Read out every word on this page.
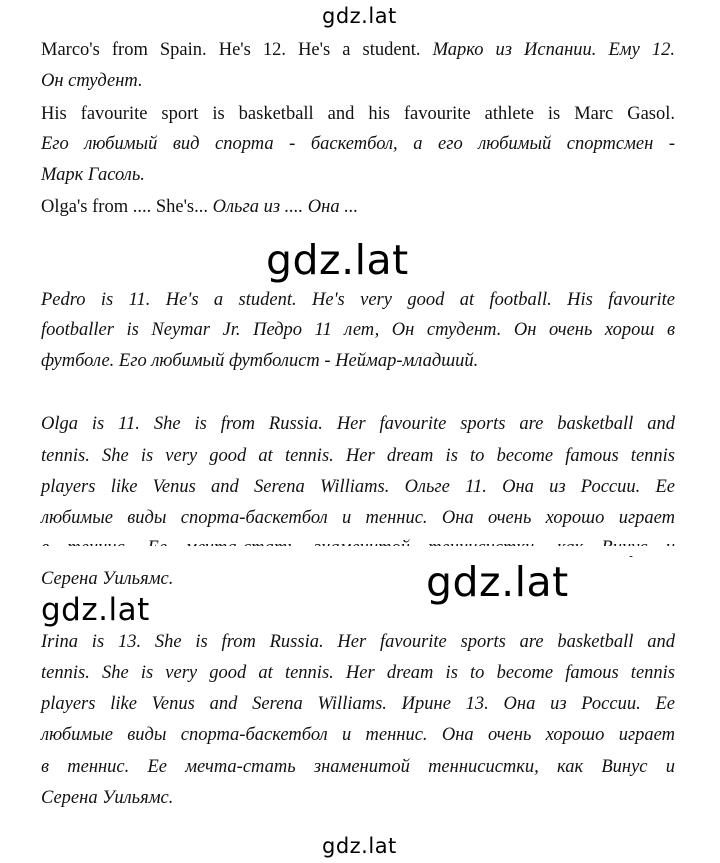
gdz.lat
gdz.lat
gdz.lat
gdz.lat
gdz.lat
Marco's from Spain. He's 12. He's a student. Марко из Испании. Ему 12.
Он студент.
His favourite sport is basketball and his favourite athlete is Marc Gasol.
Его любимый вид спорта - баскетбол, а его любимый спортсмен -
Марк Гасоль.
Olga's from .... She's... Ольга из .... Она ...
Pedro is 11. He's a student. He's very good at football. His favourite
footballer is Neymar Jr. Педро 11 лет, Он студент. Он очень хорош в
футболе. Его любимый футболист - Неймар-младший.
Olga is 11. She is from Russia. Her favourite sports are basketball and
tennis. She is very good at tennis. Her dream is to become famous tennis
players like Venus and Serena Williams. Ольге 11. Она из России. Ее
любимые виды спорта-баскетбол и теннис. Она очень хорошо играет
Серена Уильямс.
Irina is 13. She is from Russia. Her favourite sports are basketball and
tennis. She is very good at tennis. Her dream is to become famous tennis
players like Venus and Serena Williams. Ирине 13. Она из России. Ее
любимые виды спорта-баскетбол и теннис. Она очень хорошо играет
в теннис. Ее мечта-стать знаменитой теннисистки, как Винус и
Серена Уильямс.
